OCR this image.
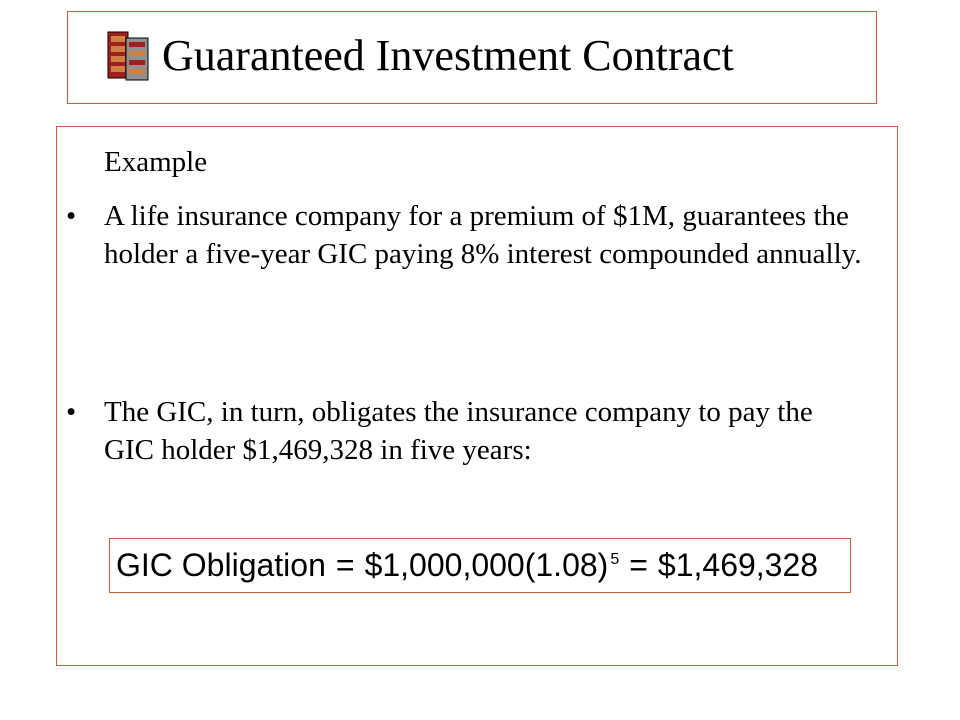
Guaranteed Investment Contract
Example
• A life insurance company for a premium of $1M, guarantees the holder a five-year GIC paying 8% interest compounded annually.
• The GIC, in turn, obligates the insurance company to pay the GIC holder $1,469,328 in five years:
GIC Obligation = $\$1,000,000(1.08)^5$ = $1,469,328
